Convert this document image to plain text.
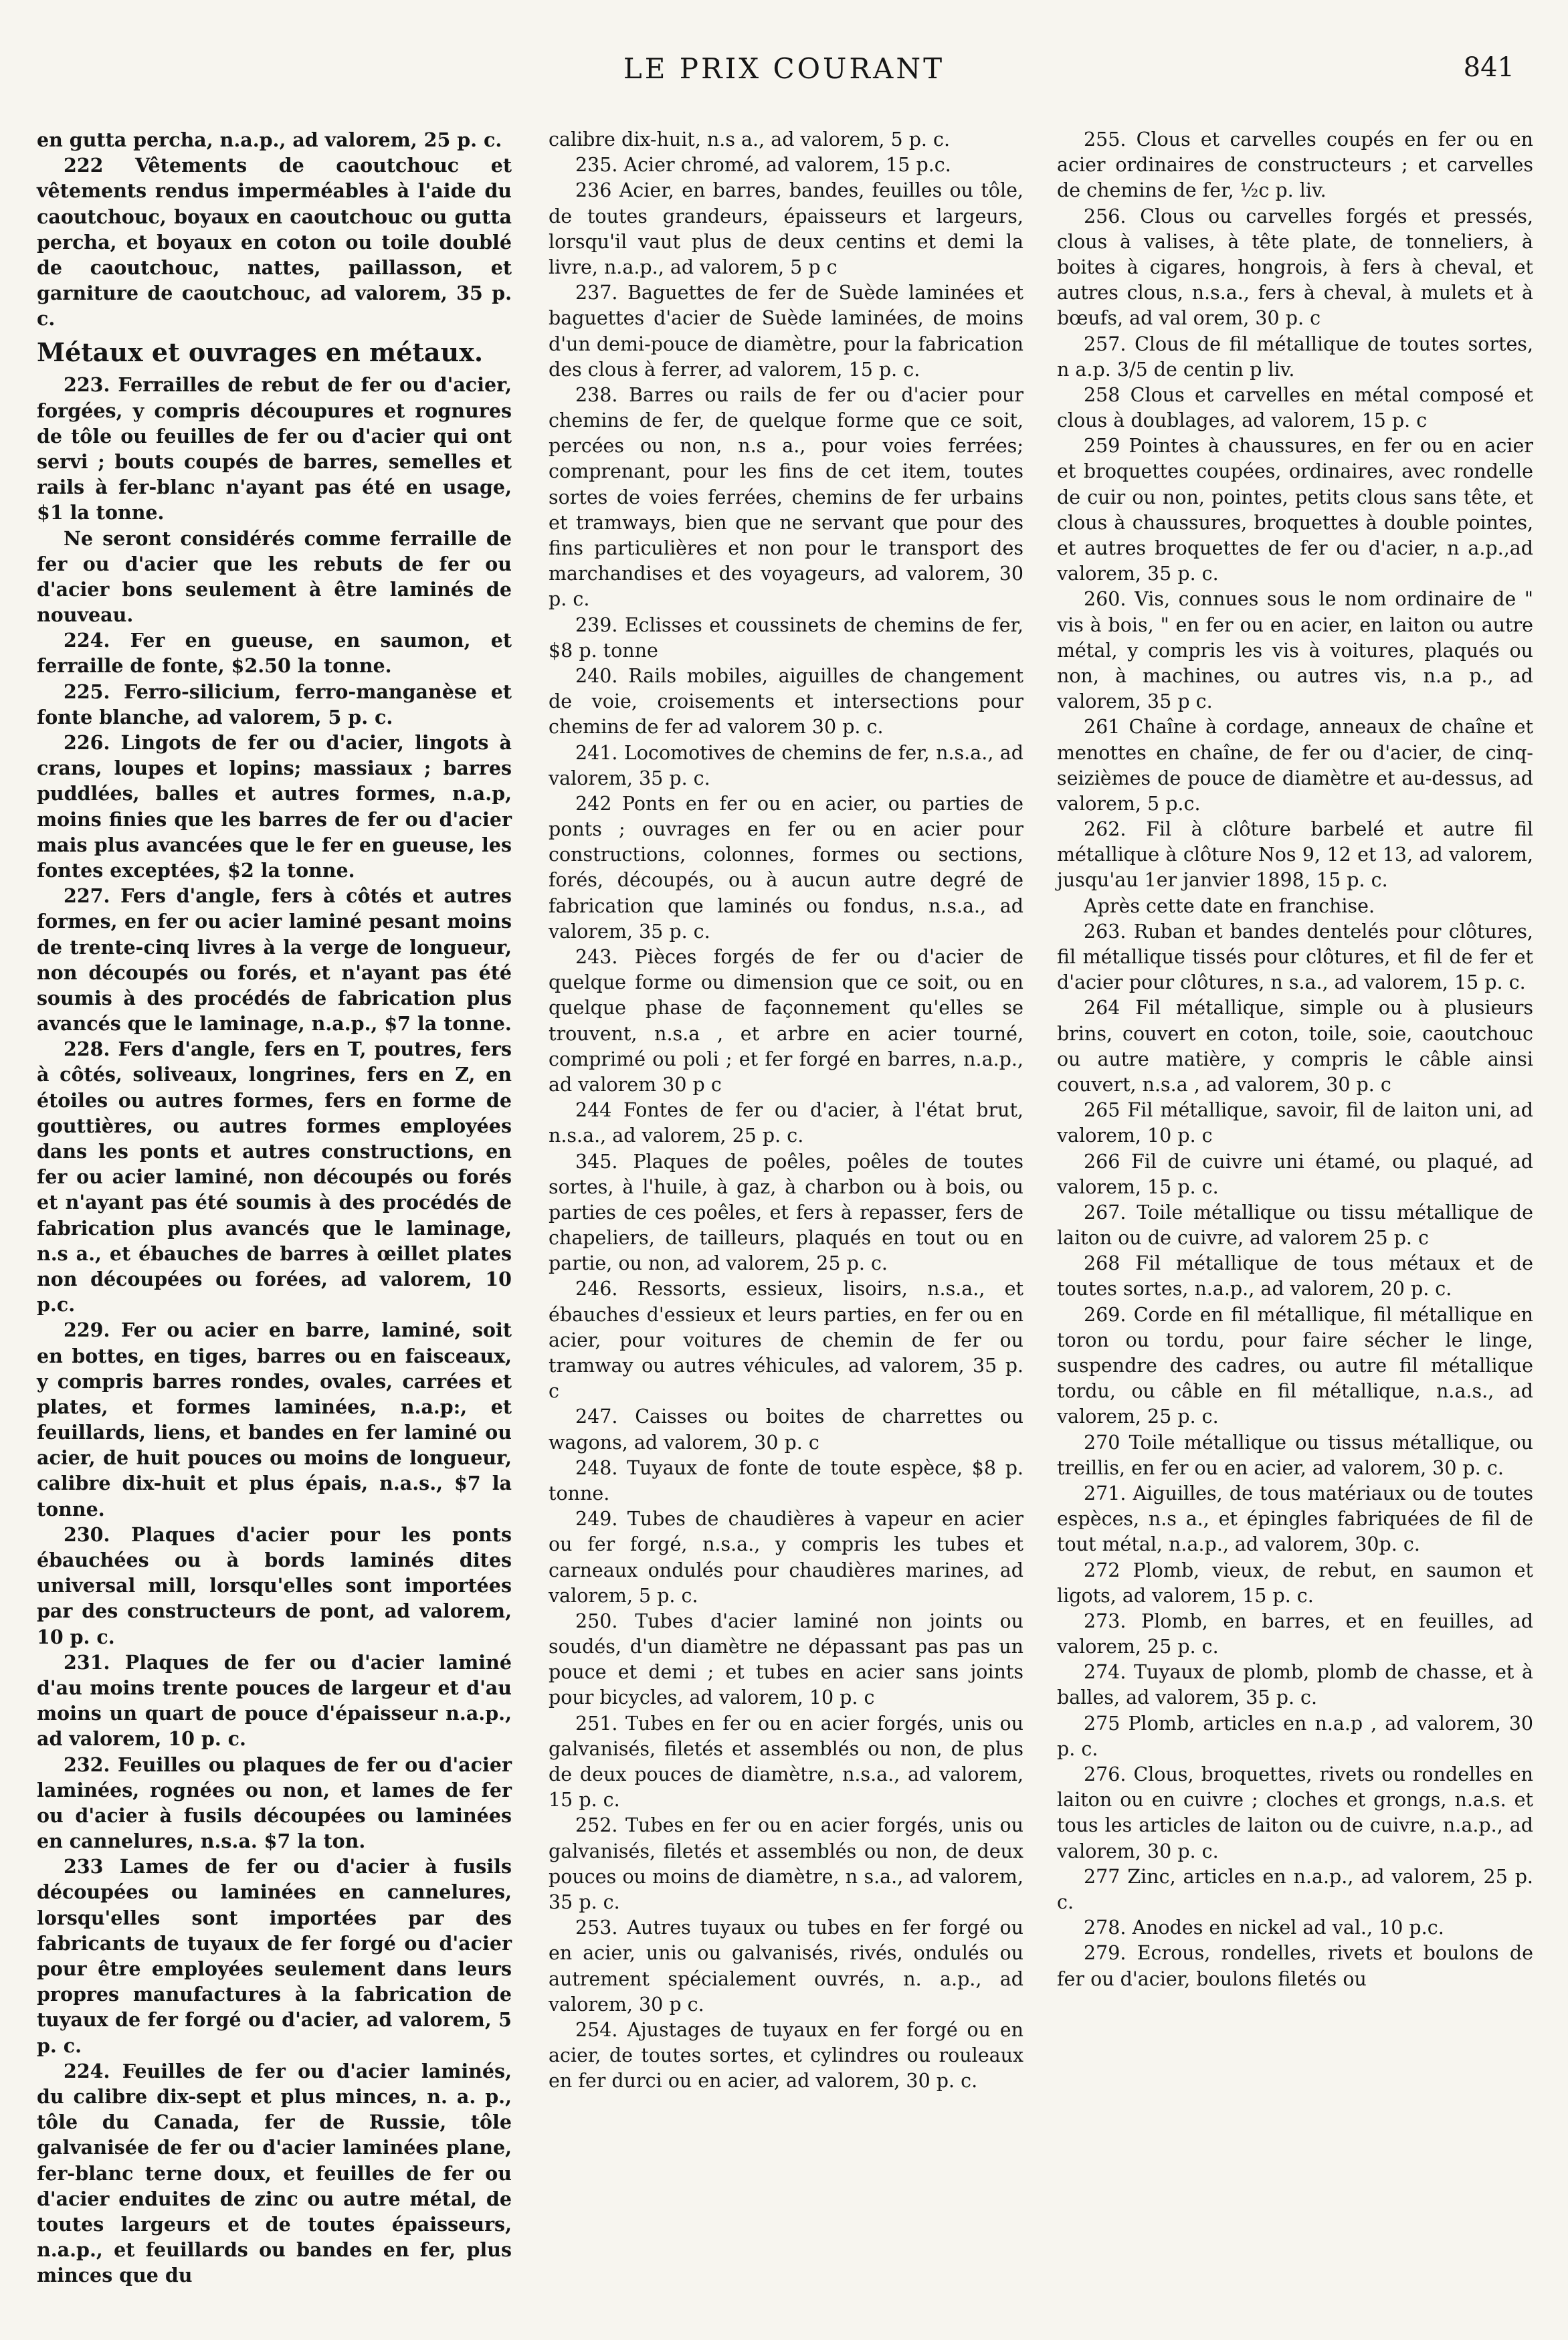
LE PRIX COURANT	841

en gutta percha, n.a.p., ad valorem, 25 p. c.

222 Vêtements de caoutchouc et vêtements rendus imperméables à l'aide du caoutchouc, boyaux en caoutchouc ou gutta percha, et boyaux en coton ou toile doublé de caoutchouc, nattes, paillasson, et garniture de caoutchouc, ad valorem, 35 p. c.

Métaux et ouvrages en métaux.

223. Ferrailles de rebut de fer ou d'acier, forgées, y compris découpures et rognures de tôle ou feuilles de fer ou d'acier qui ont servi ; bouts coupés de barres, semelles et rails à fer-blanc n'ayant pas été en usage, $1 la tonne.

Ne seront considérés comme ferraille de fer ou d'acier que les rebuts de fer ou d'acier bons seulement à être laminés de nouveau.

224. Fer en gueuse, en saumon, et ferraille de fonte, $2.50 la tonne.

225. Ferro-silicium, ferro-manganèse et fonte blanche, ad valorem, 5 p. c.

226. Lingots de fer ou d'acier, lingots à crans, loupes et lopins; massiaux ; barres puddlées, balles et autres formes, n.a.p, moins finies que les barres de fer ou d'acier mais plus avancées que le fer en gueuse, les fontes exceptées, $2 la tonne.

227. Fers d'angle, fers à côtés et autres formes, en fer ou acier laminé pesant moins de trente-cinq livres à la verge de longueur, non découpés ou forés, et n'ayant pas été soumis à des procédés de fabrication plus avancés que le laminage, n.a.p., $7 la tonne.

228. Fers d'angle, fers en T, poutres, fers à côtés, soliveaux, longrines, fers en Z, en étoiles ou autres formes, fers en forme de gouttières, ou autres formes employées dans les ponts et autres constructions, en fer ou acier laminé, non découpés ou forés et n'ayant pas été soumis à des procédés de fabrication plus avancés que le laminage, n.s a., et ébauches de barres à œillet plates non découpées ou forées, ad valorem, 10 p.c.

229. Fer ou acier en barre, laminé, soit en bottes, en tiges, barres ou en faisceaux, y compris barres rondes, ovales, carrées et plates, et formes laminées, n.a.p:, et feuillards, liens, et bandes en fer laminé ou acier, de huit pouces ou moins de longueur, calibre dix-huit et plus épais, n.a.s., $7 la tonne.

230. Plaques d'acier pour les ponts ébauchées ou à bords laminés dites universal mill, lorsqu'elles sont importées par des constructeurs de pont, ad valorem, 10 p. c.

231. Plaques de fer ou d'acier laminé d'au moins trente pouces de largeur et d'au moins un quart de pouce d'épaisseur n.a.p., ad valorem, 10 p. c.

232. Feuilles ou plaques de fer ou d'acier laminées, rognées ou non, et lames de fer ou d'acier à fusils découpées ou laminées en cannelures, n.s.a. $7 la ton.

233 Lames de fer ou d'acier à fusils découpées ou laminées en cannelures, lorsqu'elles sont importées par des fabricants de tuyaux de fer forgé ou d'acier pour être employées seulement dans leurs propres manufactures à la fabrication de tuyaux de fer forgé ou d'acier, ad valorem, 5 p. c.

224. Feuilles de fer ou d'acier laminés, du calibre dix-sept et plus minces, n. a. p., tôle du Canada, fer de Russie, tôle galvanisée de fer ou d'acier laminées plane, fer-blanc terne doux, et feuilles de fer ou d'acier enduites de zinc ou autre métal, de toutes largeurs et de toutes épaisseurs, n.a.p., et feuillards ou bandes en fer, plus minces que du

calibre dix-huit, n.s a., ad valorem, 5 p. c.

235. Acier chromé, ad valorem, 15 p.c.

236 Acier, en barres, bandes, feuilles ou tôle, de toutes grandeurs, épaisseurs et largeurs, lorsqu'il vaut plus de deux centins et demi la livre, n.a.p., ad valorem, 5 p c

237. Baguettes de fer de Suède laminées et baguettes d'acier de Suède laminées, de moins d'un demi-pouce de diamètre, pour la fabrication des clous à ferrer, ad valorem, 15 p. c.

238. Barres ou rails de fer ou d'acier pour chemins de fer, de quelque forme que ce soit, percées ou non, n.s a., pour voies ferrées; comprenant, pour les fins de cet item, toutes sortes de voies ferrées, chemins de fer urbains et tramways, bien que ne servant que pour des fins particulières et non pour le transport des marchandises et des voyageurs, ad valorem, 30 p. c.

239. Eclisses et coussinets de chemins de fer, $8 p. tonne

240. Rails mobiles, aiguilles de changement de voie, croisements et intersections pour chemins de fer ad valorem 30 p. c.

241. Locomotives de chemins de fer, n.s.a., ad valorem, 35 p. c.

242 Ponts en fer ou en acier, ou parties de ponts ; ouvrages en fer ou en acier pour constructions, colonnes, formes ou sections, forés, découpés, ou à aucun autre degré de fabrication que laminés ou fondus, n.s.a., ad valorem, 35 p. c.

243. Pièces forgés de fer ou d'acier de quelque forme ou dimension que ce soit, ou en quelque phase de façonnement qu'elles se trouvent, n.s.a , et arbre en acier tourné, comprimé ou poli ; et fer forgé en barres, n.a.p., ad valorem 30 p c

244 Fontes de fer ou d'acier, à l'état brut, n.s.a., ad valorem, 25 p. c.

345. Plaques de poêles, poêles de toutes sortes, à l'huile, à gaz, à charbon ou à bois, ou parties de ces poêles, et fers à repasser, fers de chapeliers, de tailleurs, plaqués en tout ou en partie, ou non, ad valorem, 25 p. c.

246. Ressorts, essieux, lisoirs, n.s.a., et ébauches d'essieux et leurs parties, en fer ou en acier, pour voitures de chemin de fer ou tramway ou autres véhicules, ad valorem, 35 p. c

247. Caisses ou boites de charrettes ou wagons, ad valorem, 30 p. c

248. Tuyaux de fonte de toute espèce, $8 p. tonne.

249. Tubes de chaudières à vapeur en acier ou fer forgé, n.s.a., y compris les tubes et carneaux ondulés pour chaudières marines, ad valorem, 5 p. c.

250. Tubes d'acier laminé non joints ou soudés, d'un diamètre ne dépassant pas pas un pouce et demi ; et tubes en acier sans joints pour bicycles, ad valorem, 10 p. c

251. Tubes en fer ou en acier forgés, unis ou galvanisés, filetés et assemblés ou non, de plus de deux pouces de diamètre, n.s.a., ad valorem, 15 p. c.

252. Tubes en fer ou en acier forgés, unis ou galvanisés, filetés et assemblés ou non, de deux pouces ou moins de diamètre, n s.a., ad valorem, 35 p. c.

253. Autres tuyaux ou tubes en fer forgé ou en acier, unis ou galvanisés, rivés, ondulés ou autrement spécialement ouvrés, n. a.p., ad valorem, 30 p c.

254. Ajustages de tuyaux en fer forgé ou en acier, de toutes sortes, et cylindres ou rouleaux en fer durci ou en acier, ad valorem, 30 p. c.

255. Clous et carvelles coupés en fer ou en acier ordinaires de constructeurs ; et carvelles de chemins de fer, ½c p. liv.

256. Clous ou carvelles forgés et pressés, clous à valises, à tête plate, de tonneliers, à boites à cigares, hongrois, à fers à cheval, et autres clous, n.s.a., fers à cheval, à mulets et à bœufs, ad val orem, 30 p. c

257. Clous de fil métallique de toutes sortes, n a.p. 3/5 de centin p liv.

258 Clous et carvelles en métal composé et clous à doublages, ad valorem, 15 p. c

259 Pointes à chaussures, en fer ou en acier et broquettes coupées, ordinaires, avec rondelle de cuir ou non, pointes, petits clous sans tête, et clous à chaussures, broquettes à double pointes, et autres broquettes de fer ou d'acier, n a.p.,ad valorem, 35 p. c.

260. Vis, connues sous le nom ordinaire de " vis à bois, " en fer ou en acier, en laiton ou autre métal, y compris les vis à voitures, plaqués ou non, à machines, ou autres vis, n.a p., ad valorem, 35 p c.

261 Chaîne à cordage, anneaux de chaîne et menottes en chaîne, de fer ou d'acier, de cinq-seizièmes de pouce de diamètre et au-dessus, ad valorem, 5 p.c.

262. Fil à clôture barbelé et autre fil métallique à clôture Nos 9, 12 et 13, ad valorem, jusqu'au 1er janvier 1898, 15 p. c.

Après cette date en franchise.

263. Ruban et bandes dentelés pour clôtures, fil métallique tissés pour clôtures, et fil de fer et d'acier pour clôtures, n s.a., ad valorem, 15 p. c.

264 Fil métallique, simple ou à plusieurs brins, couvert en coton, toile, soie, caoutchouc ou autre matière, y compris le câble ainsi couvert, n.s.a , ad valorem, 30 p. c

265 Fil métallique, savoir, fil de laiton uni, ad valorem, 10 p. c

266 Fil de cuivre uni étamé, ou plaqué, ad valorem, 15 p. c.

267. Toile métallique ou tissu métallique de laiton ou de cuivre, ad valorem 25 p. c

268 Fil métallique de tous métaux et de toutes sortes, n.a.p., ad valorem, 20 p. c.

269. Corde en fil métallique, fil métallique en toron ou tordu, pour faire sécher le linge, suspendre des cadres, ou autre fil métallique tordu, ou câble en fil métallique, n.a.s., ad valorem, 25 p. c.

270 Toile métallique ou tissus métallique, ou treillis, en fer ou en acier, ad valorem, 30 p. c.

271. Aiguilles, de tous matériaux ou de toutes espèces, n.s a., et épingles fabriquées de fil de tout métal, n.a.p., ad valorem, 30p. c.

272 Plomb, vieux, de rebut, en saumon et ligots, ad valorem, 15 p. c.

273. Plomb, en barres, et en feuilles, ad valorem, 25 p. c.

274. Tuyaux de plomb, plomb de chasse, et à balles, ad valorem, 35 p. c.

275 Plomb, articles en n.a.p , ad valorem, 30 p. c.

276. Clous, broquettes, rivets ou rondelles en laiton ou en cuivre ; cloches et grongs, n.a.s. et tous les articles de laiton ou de cuivre, n.a.p., ad valorem, 30 p. c.

277 Zinc, articles en n.a.p., ad valorem, 25 p. c.

278. Anodes en nickel ad val., 10 p.c.

279. Ecrous, rondelles, rivets et boulons de fer ou d'acier, boulons filetés ou
